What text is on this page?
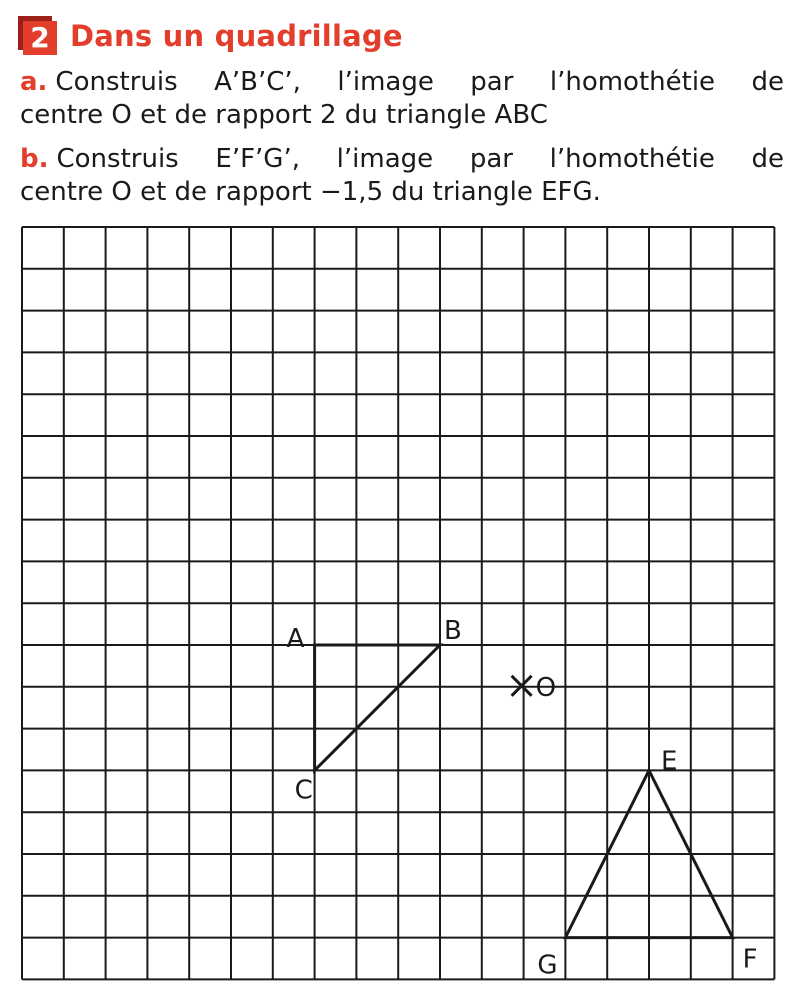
2 Dans un quadrillage
a. Construis A’B’C’, l’image par l’homothétie de
centre O et de rapport 2 du triangle ABC
b. Construis E’F’G’, l’image par l’homothétie de
centre O et de rapport −1,5 du triangle EFG.
A	B
C
E
F
G
O
